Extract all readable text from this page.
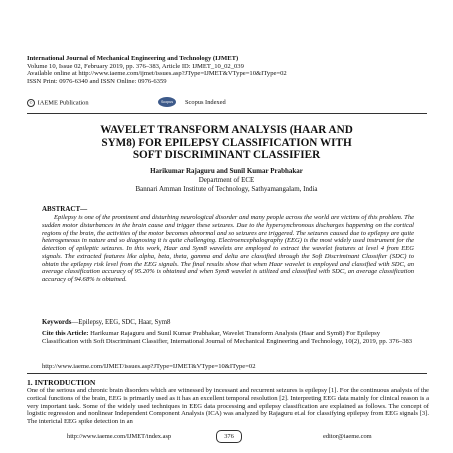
International Journal of Mechanical Engineering and Technology (IJMET)
Volume 10, Issue 02, February 2019, pp. 376–383, Article ID: IJMET_10_02_039
Available online at http://www.iaeme.com/ijmet/issues.asp?JType=IJMET&VType=10&IType=02
ISSN Print: 0976-6340 and ISSN Online: 0976-6359
© IAEME Publication	Scopus	Scopus Indexed
WAVELET TRANSFORM ANALYSIS (HAAR AND
SYM8) FOR EPILEPSY CLASSIFICATION WITH
SOFT DISCRIMINANT CLASSIFIER
Harikumar Rajaguru and Sunil Kumar Prabhakar
Department of ECE
Bannari Amman Institute of Technology, Sathyamangalam, India
ABSTRACT—
Epilepsy is one of the prominent and disturbing neurological disorder and many people across the world are victims of this problem. The sudden motor disturbances in the brain cause and trigger these seizures. Due to the hypersynchronous discharges happening on the cortical regions of the brain, the activities of the motor becomes abnormal and so seizures are triggered. The seizures caused due to epilepsy are quite heterogeneous in nature and so diagnosing it is quite challenging. Electroencephalography (EEG) is the most widely used instrument for the detection of epileptic seizures. In this work, Haar and Sym8 wavelets are employed to extract the wavelet features at level 4 from EEG signals. The extracted features like alpha, beta, theta, gamma and delta are classified through the Soft Discriminant Classifier (SDC) to obtain the epilepsy risk level from the EEG signals. The final results show that when Haar wavelet is employed and classified with SDC, an average classification accuracy of 95.20% is obtained and when Sym8 wavelet is utilized and classified with SDC, an average classification accuracy of 94.68% is obtained.
Keywords—Epilepsy, EEG, SDC, Haar, Sym8
Cite this Article: Harikumar Rajaguru and Sunil Kumar Prabhakar, Wavelet Transform Analysis (Haar and Sym8) For Epilepsy Classification with Soft Discriminant Classifier, International Journal of Mechanical Engineering and Technology, 10(2), 2019, pp. 376–383
http://www.iaeme.com/IJMET/issues.asp?JType=IJMET&VType=10&IType=02
1. INTRODUCTION
One of the serious and chronic brain disorders which are witnessed by incessant and recurrent seizures is epilepsy [1]. For the continuous analysis of the cortical functions of the brain, EEG is primarily used as it has an excellent temporal resolution [2]. Interpreting EEG data mainly for clinical reason is a very important task. Some of the widely used techniques in EEG data processing and epilepsy classification are explained as follows. The concept of logistic regression and nonlinear Independent Component Analysis (ICA) was analyzed by Rajaguru et.al for classifying epilepsy from EEG signals [3]. The interictal EEG spike detection in an
http://www.iaeme.com/IJMET/index.asp	376	editor@iaeme.com
